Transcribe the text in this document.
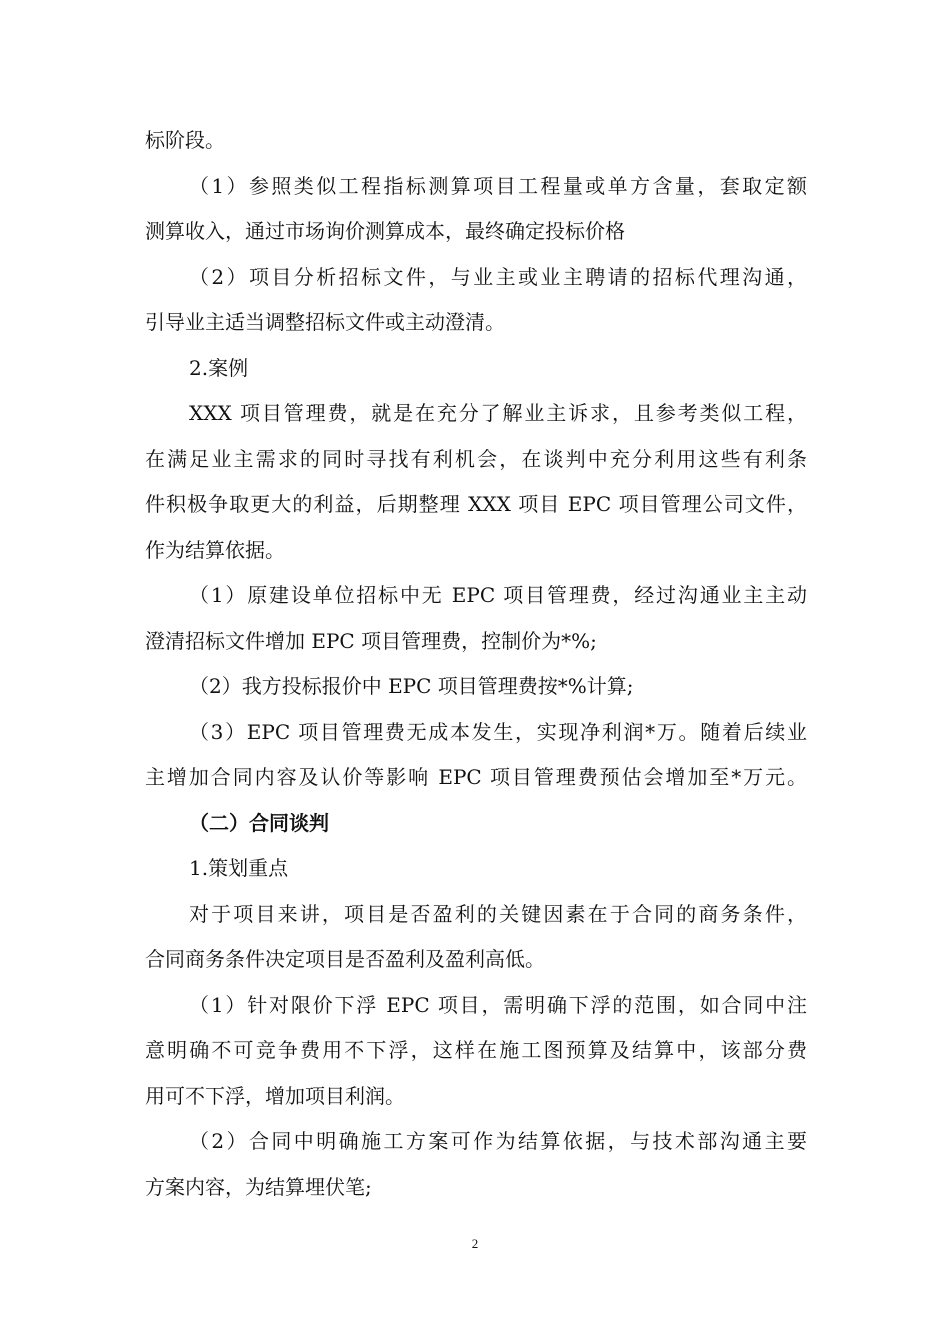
标阶段。
（1）参照类似工程指标测算项目工程量或单方含量，套取定额
测算收入，通过市场询价测算成本，最终确定投标价格
（2）项目分析招标文件，与业主或业主聘请的招标代理沟通，
引导业主适当调整招标文件或主动澄清。
2.案例
XXX 项目管理费，就是在充分了解业主诉求，且参考类似工程，
在满足业主需求的同时寻找有利机会，在谈判中充分利用这些有利条
件积极争取更大的利益，后期整理 XXX 项目 EPC 项目管理公司文件，
作为结算依据。
（1）原建设单位招标中无 EPC 项目管理费，经过沟通业主主动
澄清招标文件增加 EPC 项目管理费，控制价为*%;
（2）我方投标报价中 EPC 项目管理费按*%计算;
（3）EPC 项目管理费无成本发生，实现净利润*万。随着后续业
主增加合同内容及认价等影响 EPC 项目管理费预估会增加至*万元。
（二）合同谈判
1.策划重点
对于项目来讲，项目是否盈利的关键因素在于合同的商务条件，
合同商务条件决定项目是否盈利及盈利高低。
（1）针对限价下浮 EPC 项目，需明确下浮的范围，如合同中注
意明确不可竞争费用不下浮，这样在施工图预算及结算中，该部分费
用可不下浮，增加项目利润。
（2）合同中明确施工方案可作为结算依据，与技术部沟通主要
方案内容，为结算埋伏笔;
2
